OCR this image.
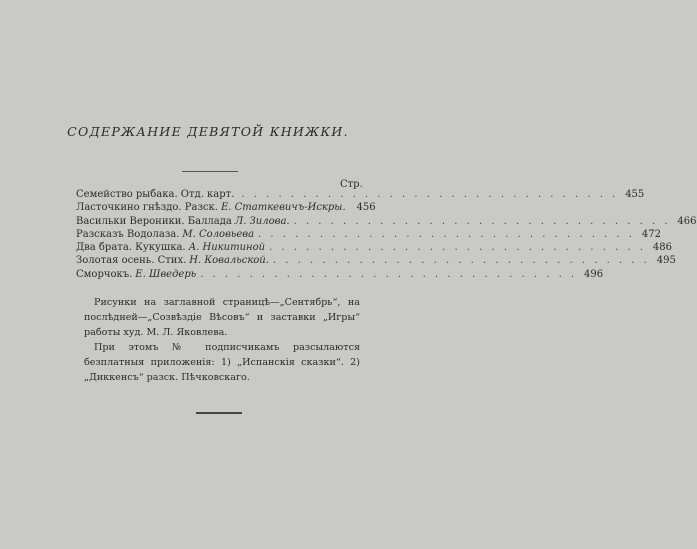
СОДЕРЖАНИЕ ДЕВЯТОЙ КНИЖКИ.
Стр.
Семейство рыбака. Отд. карт. . . . . . . . . . . . . . . . . . . . . . . . . . . . . . . . 455
Ласточкино гнѣздо. Разск. Е. Статкевичъ-Искры. 456
Васильки Вероники. Баллада Л. Зилова. . . . . . . . . . . . . . . . . . . . . . . . . . . . . . . . 466
Разсказъ Водолаза. М. Соловьева . . . . . . . . . . . . . . . . . . . . . . . . . . . . . . . 472
Два брата. Кукушка. А. Никитиной . . . . . . . . . . . . . . . . . . . . . . . . . . . . . . . 486
Золотая осень. Стих. Н. Ковальской. . . . . . . . . . . . . . . . . . . . . . . . . . . . . . . . 495
Сморчокъ. Е. Шведерь . . . . . . . . . . . . . . . . . . . . . . . . . . . . . . . 496
Рисунки на заглавной страницѣ—„Сентябрь“, на послѣдней—„Созвѣздіе Вѣсовъ“ и заставки „Игры“ работы худ. М. Л. Яковлева.
При этомъ № подписчикамъ разсылаются безплатныя приложенія: 1) „Испанскія сказки“. 2) „Диккенсъ“ разск. Пѣчковскаго.
